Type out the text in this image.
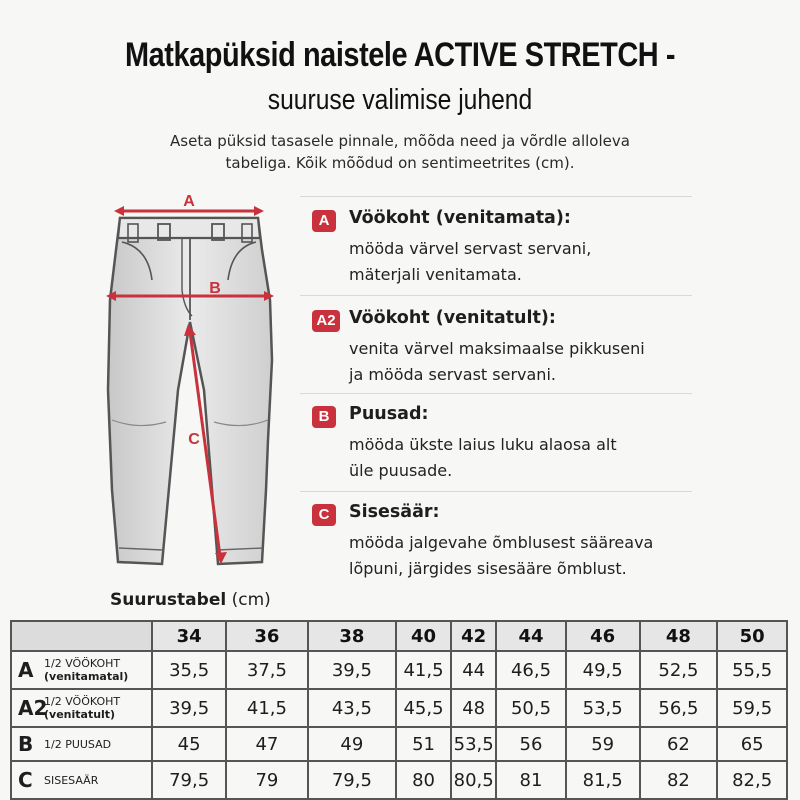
Matkapüksid naistele ACTIVE STRETCH -
suuruse valimise juhend
Aseta püksid tasasele pinnale, mõõda need ja võrdle alloleva
tabeliga. Kõik mõõdud on sentimeetrites (cm).
A
B
C
A	Vöökoht (venitamata):
mööda värvel servast servani,
mäterjali venitamata.
A2 Vöökoht (venitatult):
venita värvel maksimaalse pikkuseni
ja mööda servast servani.
B	Puusad:
mööda ükste laius luku alaosa alt
üle puusade.
C	Sisesäär:
mööda jalgevahe õmblusest sääreava
lõpuni, järgides sisesääre õmblust.
Suurustabel (cm)
	34	36	38	40	42	44	46	48	50
A 1/2 VÖÖKOHT
(venitamatal)	35,5	37,5	39,5	41,5	44	46,5	49,5	52,5	55,5
A2
1/2 VÖÖKOHT
(venitatult)	39,5	41,5	43,5	45,5	48	50,5	53,5	56,5	59,5
B 1/2 PUUSAD	45	47	49	51	53,5	56	59	62	65
C SISESAÄR	79,5	79	79,5	80	80,5	81	81,5	82	82,5
